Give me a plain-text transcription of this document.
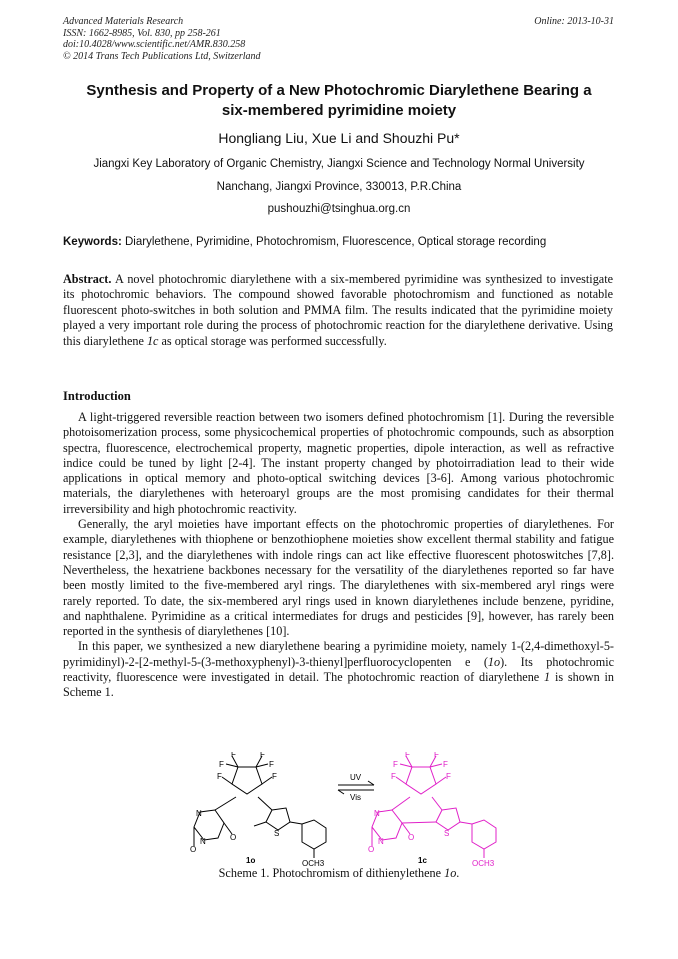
Advanced Materials Research
ISSN: 1662-8985, Vol. 830, pp 258-261
doi:10.4028/www.scientific.net/AMR.830.258
© 2014 Trans Tech Publications Ltd, Switzerland
Online: 2013-10-31
Synthesis and Property of a New Photochromic Diarylethene Bearing a
six-membered pyrimidine moiety
Hongliang Liu, Xue Li and Shouzhi Pu*
Jiangxi Key Laboratory of Organic Chemistry, Jiangxi Science and Technology Normal University
Nanchang, Jiangxi Province, 330013, P.R.China
pushouzhi@tsinghua.org.cn
Keywords: Diarylethene, Pyrimidine, Photochromism, Fluorescence, Optical storage recording
Abstract. A novel photochromic diarylethene with a six-membered pyrimidine was synthesized to investigate its photochromic behaviors. The compound showed favorable photochromism and functioned as notable fluorescent photo-switches in both solution and PMMA film. The results indicated that the pyrimidine moiety played a very important role during the process of photochromic reaction for the diarylethene derivative. Using this diarylethene 1c as optical storage was performed successfully.
Introduction

A light-triggered reversible reaction between two isomers defined photochromism [1]. During the reversible photoisomerization process, some physicochemical properties of photochromic compounds, such as absorption spectra, fluorescence, electrochemical property, magnetic properties, dipole interaction, as well as refractive indice could be tuned by light [2-4]. The instant property changed by photoirradiation lead to their wide applications in optical memory and photo-optical switching devices [3-6]. Among various photochromic materials, the diarylethenes with heteroaryl groups are the most promising candidates for their thermal irreversibility and high photochromic reactivity.

Generally, the aryl moieties have important effects on the photochromic properties of diarylethenes. For example, diarylethenes with thiophene or benzothiophene moieties show excellent thermal stability and fatigue resistance [2,3], and the diarylethenes with indole rings can act like effective fluorescent photoswitches [7,8]. Nevertheless, the hexatriene backbones necessary for the versatility of the diarylethenes reported so far have been mostly limited to the five-membered aryl rings. The diarylethenes with six-membered aryl rings were rarely reported. To date, the six-membered aryl rings used in known diarylethenes include benzene, pyridine, and naphthalene. Pyrimidine as a critical intermediates for drugs and pesticides [9], however, has rarely been reported in the synthesis of diarylethenes [10].

In this paper, we synthesized a new diarylethene bearing a pyrimidine moiety, namely 1-(2,4-dimethoxyl-5-pyrimidinyl)-2-[2-methyl-5-(3-methoxyphenyl)-3-thienyl]perfluorocyclopenten e (1o). Its photochromic reactivity, fluorescence were investigated in detail. The photochromic reaction of diarylethene 1 is shown in Scheme 1.

F	F
F	F
F	F
N
N
O
O	S
OCH3
1o
UV
Vis
F	F
F	F
F	F
N
N
O
O	S
OCH3
1c
Scheme 1. Photochromism of dithienylethene 1o.
